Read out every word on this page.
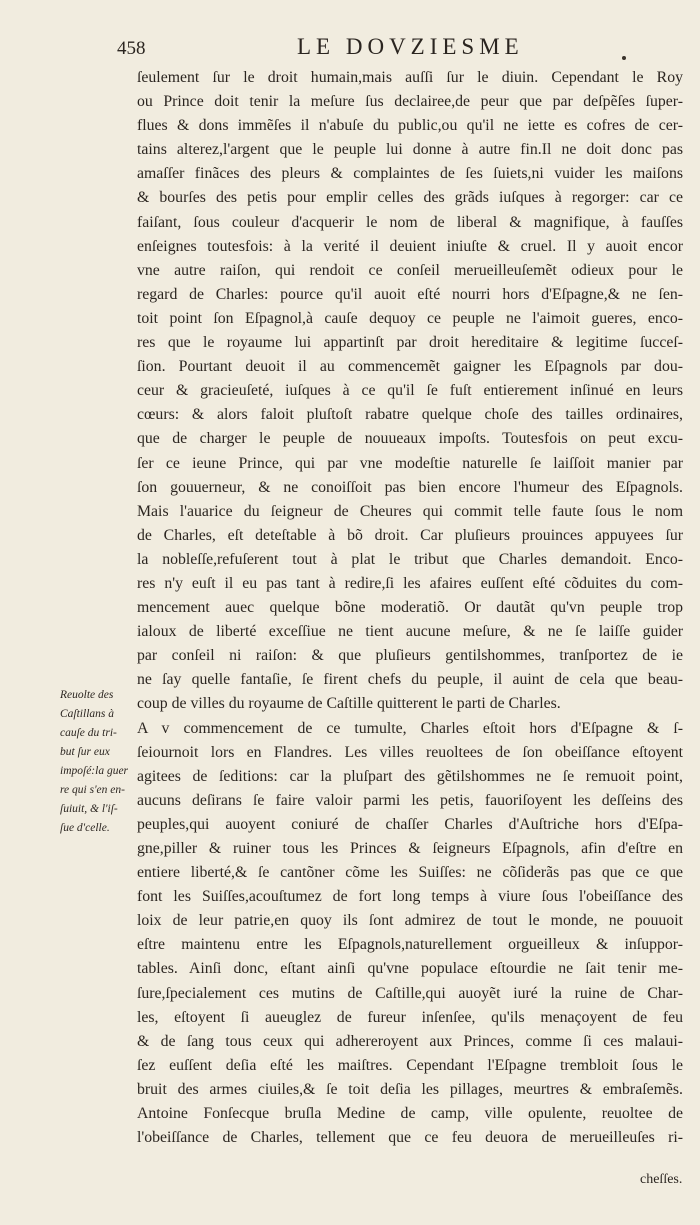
458	LE DOVZIESME
ſeulement ſur le droit humain,mais auſſi ſur le diuin. Cependant le Roy
ou Prince doit tenir la meſure ſus declairee,de peur que par deſpẽſes ſuper-
flues & dons immẽſes il n'abuſe du public,ou qu'il ne iette es cofres de cer-
tains alterez,l'argent que le peuple lui donne à autre fin.Il ne doit donc pas
amaſſer finãces des pleurs & complaintes de ſes ſuiets,ni vuider les maiſons
& bourſes des petis pour emplir celles des grãds iuſques à regorger: car ce
faiſant, ſous couleur d'acquerir le nom de liberal & magnifique, à fauſſes
enſeignes toutesfois: à la verité il deuient iniuſte & cruel. Il y auoit encor
vne autre raiſon, qui rendoit ce conſeil merueilleuſemẽt odieux pour le
regard de Charles: pource qu'il auoit eſté nourri hors d'Eſpagne,& ne ſen-
toit point ſon Eſpagnol,à cauſe dequoy ce peuple ne l'aimoit gueres, enco-
res que le royaume lui appartinſt par droit hereditaire & legitime ſucceſ-
ſion. Pourtant deuoit il au commencemẽt gaigner les Eſpagnols par dou-
ceur & gracieuſeté, iuſques à ce qu'il ſe fuſt entierement inſinué en leurs
cœurs: & alors faloit pluſtoſt rabatre quelque choſe des tailles ordinaires,
que de charger le peuple de nouueaux impoſts. Toutesfois on peut excu-
ſer ce ieune Prince, qui par vne modeſtie naturelle ſe laiſſoit manier par
ſon gouuerneur, & ne conoiſſoit pas bien encore l'humeur des Eſpagnols.
Mais l'auarice du ſeigneur de Cheures qui commit telle faute ſous le nom
de Charles, eſt deteſtable à bõ droit. Car pluſieurs prouinces appuyees ſur
la nobleſſe,refuſerent tout à plat le tribut que Charles demandoit. Enco-
res n'y euſt il eu pas tant à redire,ſi les afaires euſſent eſté cõduites du com-
mencement auec quelque bõne moderatiõ. Or dautãt qu'vn peuple trop
ialoux de liberté exceſſiue ne tient aucune meſure, & ne ſe laiſſe guider
par conſeil ni raiſon: & que pluſieurs gentilshommes, tranſportez de ie
ne ſay quelle fantaſie, ſe firent chefs du peuple, il auint de cela que beau-
coup de villes du royaume de Caſtille quitterent le parti de Charles.
A v commencement de ce tumulte, Charles eſtoit hors d'Eſpagne & ſ-
ſeiournoit lors en Flandres. Les villes reuoltees de ſon obeiſſance eſtoyent
agitees de ſeditions: car la pluſpart des gẽtilshommes ne ſe remuoit point,
aucuns deſirans ſe faire valoir parmi les petis, fauoriſoyent les deſſeins des
peuples,qui auoyent coniuré de chaſſer Charles d'Auſtriche hors d'Eſpa-
gne,piller & ruiner tous les Princes & ſeigneurs Eſpagnols, afin d'eſtre en
entiere liberté,& ſe cantõner cõme les Suiſſes: ne cõſiderãs pas que ce que
font les Suiſſes,acouſtumez de fort long temps à viure ſous l'obeiſſance des
loix de leur patrie,en quoy ils ſont admirez de tout le monde, ne pouuoit
eſtre maintenu entre les Eſpagnols,naturellement orgueilleux & inſuppor-
tables. Ainſi donc, eſtant ainſi qu'vne populace eſtourdie ne ſait tenir me-
ſure,ſpecialement ces mutins de Caſtille,qui auoyẽt iuré la ruine de Char-
les, eſtoyent ſi aueuglez de fureur inſenſee, qu'ils menaçoyent de feu
& de ſang tous ceux qui adhereroyent aux Princes, comme ſi ces malaui-
ſez euſſent deſia eſté les maiſtres. Cependant l'Eſpagne trembloit ſous le
bruit des armes ciuiles,& ſe toit deſia les pillages, meurtres & embraſemẽs.
Antoine Fonſecque bruſla Medine de camp, ville opulente, reuoltee de
l'obeiſſance de Charles, tellement que ce feu deuora de merueilleuſes ri-
Reuolte des
Caſtillans à
cauſe du tri-
but ſur eux
impoſé:la guer
re qui s'en en-
ſuiuit, & l'iſ-
ſue d'celle.
cheſſes.
